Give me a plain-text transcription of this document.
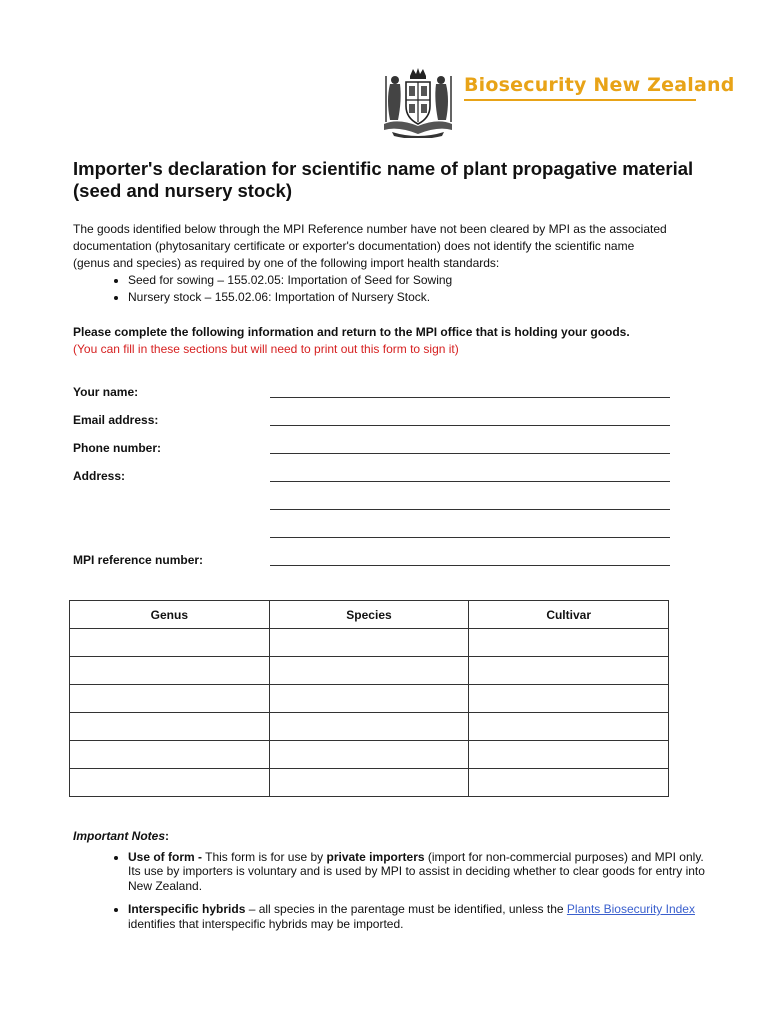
Biosecurity New Zealand
Importer's declaration for scientific name of plant propagative material (seed and nursery stock)

The goods identified below through the MPI Reference number have not been cleared by MPI as the associated documentation (phytosanitary certificate or exporter's documentation) does not identify the scientific name (genus and species) as required by one of the following import health standards:

• Seed for sowing – 155.02.05: Importation of Seed for Sowing
• Nursery stock – 155.02.06: Importation of Nursery Stock.
Please complete the following information and return to the MPI office that is holding your goods.
(You can fill in these sections but will need to print out this form to sign it)
Your name:
Email address:
Phone number:
Address:
MPI reference number:
Genus	Species	Cultivar

Important Notes:

• Use of form - This form is for use by private importers (import for non-commercial purposes) and MPI only. Its use by importers is voluntary and is used by MPI to assist in deciding whether to clear goods for entry into New Zealand.
• Interspecific hybrids – all species in the parentage must be identified, unless the Plants Biosecurity Index identifies that interspecific hybrids may be imported.
